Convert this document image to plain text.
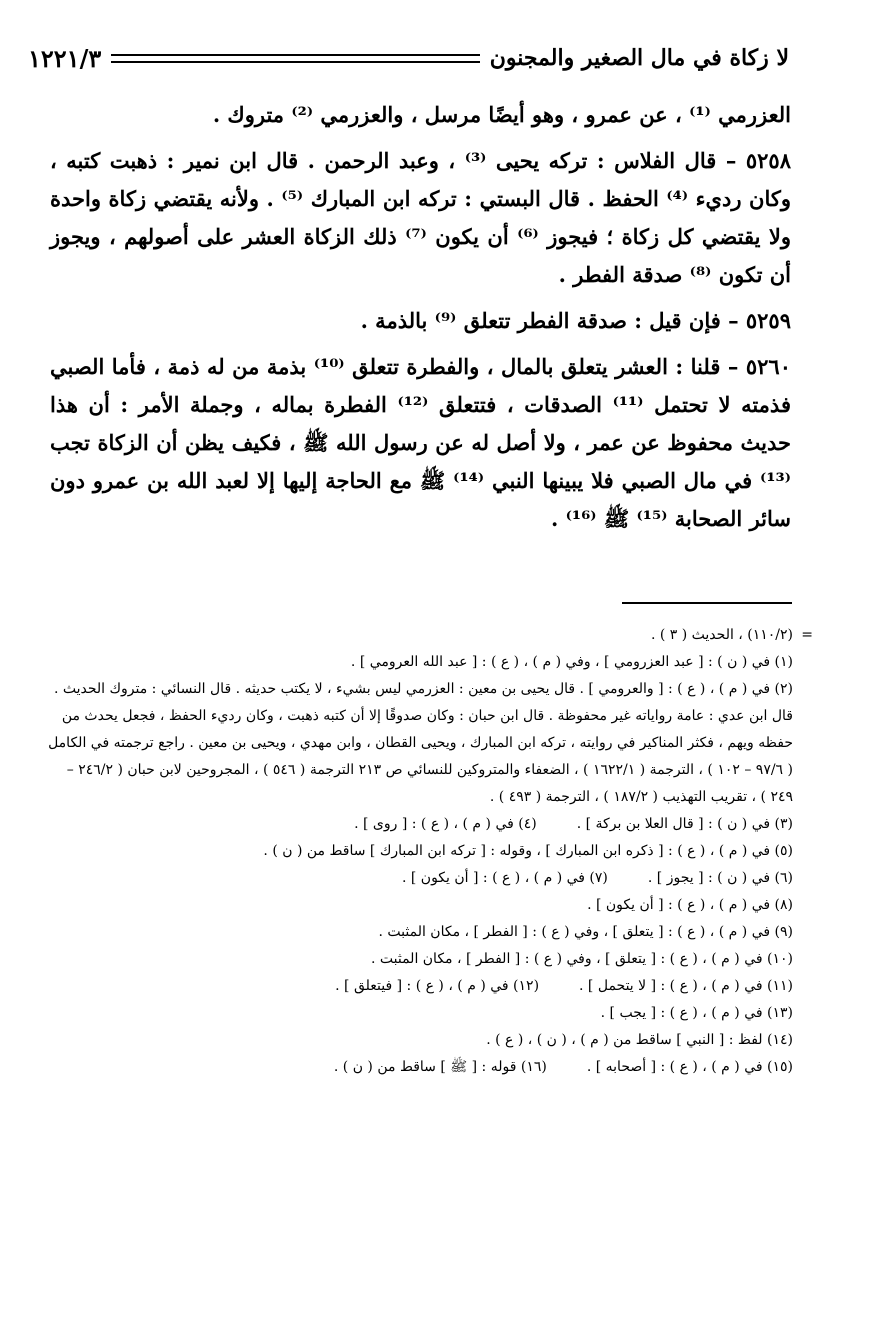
لا زكاة في مال الصغير والمجنون
١٢٢١/٣

العزرمي ⁽¹⁾ ، عن عمرو ، وهو أيضًا مرسل ، والعزرمي ⁽²⁾ متروك .

٥٢٥٨ – قال الفلاس : تركه يحيى ⁽³⁾ ، وعبد الرحمن . قال ابن نمير : ذهبت كتبه ، وكان رديء ⁽⁴⁾ الحفظ . قال البستي : تركه ابن المبارك ⁽⁵⁾ . ولأنه يقتضي زكاة واحدة ولا يقتضي كل زكاة ؛ فيجوز ⁽⁶⁾ أن يكون ⁽⁷⁾ ذلك الزكاة العشر على أصولهم ، ويجوز أن تكون ⁽⁸⁾ صدقة الفطر .

٥٢٥٩ – فإن قيل : صدقة الفطر تتعلق ⁽⁹⁾ بالذمة .

٥٢٦٠ – قلنا : العشر يتعلق بالمال ، والفطرة تتعلق ⁽¹⁰⁾ بذمة من له ذمة ، فأما الصبي فذمته لا تحتمل ⁽¹¹⁾ الصدقات ، فتتعلق ⁽¹²⁾ الفطرة بماله ، وجملة الأمر : أن هذا حديث محفوظ عن عمر ، ولا أصل له عن رسول الله ﷺ ، فكيف يظن أن الزكاة تجب ⁽¹³⁾ في مال الصبي فلا يبينها النبي ⁽¹⁴⁾ ﷺ مع الحاجة إليها إلا لعبد الله بن عمرو دون سائر الصحابة ⁽¹⁵⁾ ﷺ ⁽¹⁶⁾ .

=
(١١٠/٢) ، الحديث ( ٣ ) .
(١) في ( ن ) : [ عبد العزرومي ] ، وفي ( م ) ، ( ع ) : [ عبد الله العرومي ] .
(٢) في ( م ) ، ( ع ) : [ والعرومي ] . قال يحيى بن معين : العزرمي ليس بشيء ، لا يكتب حديثه . قال النسائي : متروك الحديث . قال ابن عدي : عامة رواياته غير محفوظة . قال ابن حبان : وكان صدوقًا إلا أن كتبه ذهبت ، وكان رديء الحفظ ، فجعل يحدث من حفظه ويهم ، فكثر المناكير في روايته ، تركه ابن المبارك ، ويحيى القطان ، وابن مهدي ، ويحيى بن معين . راجع ترجمته في الكامل ( ٩٧/٦ – ١٠٢ ) ، الترجمة ( ١٦٢٢/١ ) ، الضعفاء والمتروكين للنسائي ص ٢١٣ الترجمة ( ٥٤٦ ) ، المجروحين لابن حبان ( ٢٤٦/٢ – ٢٤٩ ) ، تقريب التهذيب ( ١٨٧/٢ ) ، الترجمة ( ٤٩٣ ) .
(٣) في ( ن ) : [ قال العلا بن بركة ] .
(٤) في ( م ) ، ( ع ) : [ روى ] .
(٥) في ( م ) ، ( ع ) : [ ذكره ابن المبارك ] ، وقوله : [ تركه ابن المبارك ] ساقط من ( ن ) .
(٦) في ( ن ) : [ يجوز ] .
(٧) في ( م ) ، ( ع ) : [ أن يكون ] .
(٨) في ( م ) ، ( ع ) : [ أن يكون ] .
(٩) في ( م ) ، ( ع ) : [ يتعلق ] ، وفي ( ع ) : [ الفطر ] ، مكان المثبت .
(١٠) في ( م ) ، ( ع ) : [ يتعلق ] ، وفي ( ع ) : [ الفطر ] ، مكان المثبت .
(١١) في ( م ) ، ( ع ) : [ لا يتحمل ] .
(١٢) في ( م ) ، ( ع ) : [ فيتعلق ] .
(١٣) في ( م ) ، ( ع ) : [ يجب ] .
(١٤) لفظ : [ النبي ] ساقط من ( م ) ، ( ن ) ، ( ع ) .
(١٥) في ( م ) ، ( ع ) : [ أصحابه ] .
(١٦) قوله : [ ﷺ ] ساقط من ( ن ) .
